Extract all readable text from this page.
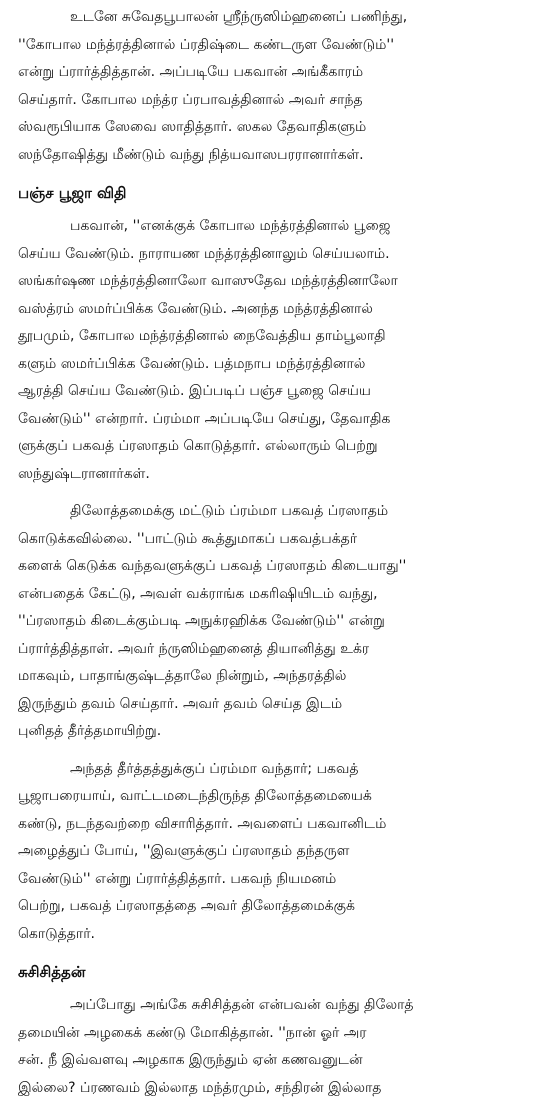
உடனே சுவேதபூபாலன் ஸ்ரீந்ருஸிம்ஹனைப் பணிந்து,
''கோபால மந்த்ரத்தினால் ப்ரதிஷ்டை கண்டருள வேண்டும்''
என்று ப்ரார்த்தித்தான். அப்படியே பகவான் அங்கீகாரம்
செய்தார். கோபால மந்த்ர ப்ரபாவத்தினால் அவர் சாந்த
ஸ்வரூபியாக ஸேவை ஸாதித்தார். ஸகல தேவாதிகளும்
ஸந்தோஷித்து மீண்டும் வந்து நித்யவாஸபரரானார்கள்.

பஞ்ச பூஜா விதி

பகவான், ''எனக்குக் கோபால மந்த்ரத்தினால் பூஜை
செய்ய வேண்டும். நாராயண மந்த்ரத்தினாலும் செய்யலாம்.
ஸங்கர்ஷண மந்த்ரத்தினாலோ வாஸுதேவ மந்த்ரத்தினாலோ
வஸ்த்ரம் ஸமர்ப்பிக்க வேண்டும். அனந்த மந்த்ரத்தினால்
தூபமும், கோபால மந்த்ரத்தினால் நைவேத்திய தாம்பூலாதி
களும் ஸமர்ப்பிக்க வேண்டும். பத்மநாப மந்த்ரத்தினால்
ஆரத்தி செய்ய வேண்டும். இப்படிப் பஞ்ச பூஜை செய்ய
வேண்டும்'' என்றார். ப்ரம்மா அப்படியே செய்து, தேவாதிக
ளுக்குப் பகவத் ப்ரஸாதம் கொடுத்தார். எல்லாரும் பெற்று
ஸந்துஷ்டரானார்கள்.

திலோத்தமைக்கு மட்டும் ப்ரம்மா பகவத் ப்ரஸாதம்
கொடுக்கவில்லை. ''பாட்டும் கூத்துமாகப் பகவத்பக்தர்
களைக் கெடுக்க வந்தவளுக்குப் பகவத் ப்ரஸாதம் கிடையாது''
என்பதைக் கேட்டு, அவள் வக்ராங்க மகரிஷியிடம் வந்து,
''ப்ரஸாதம் கிடைக்கும்படி அநுக்ரஹிக்க வேண்டும்'' என்று
ப்ரார்த்தித்தாள். அவர் ந்ருஸிம்ஹனைத் தியானித்து உக்ர
மாகவும், பாதாங்குஷ்டத்தாலே நின்றும், அந்தரத்தில்
இருந்தும் தவம் செய்தார். அவர் தவம் செய்த இடம்
புனிதத் தீர்த்தமாயிற்று.

அந்தத் தீர்த்தத்துக்குப் ப்ரம்மா வந்தார்; பகவத்
பூஜாபரையாய், வாட்டமடைந்திருந்த திலோத்தமையைக்
கண்டு, நடந்தவற்றை விசாரித்தார். அவளைப் பகவானிடம்
அழைத்துப் போய், ''இவளுக்குப் ப்ரஸாதம் தந்தருள
வேண்டும்'' என்று ப்ரார்த்தித்தார். பகவந் நியமனம்
பெற்று, பகவத் ப்ரஸாதத்தை அவர் திலோத்தமைக்குக்
கொடுத்தார்.

சுசிசித்தன்

அப்போது அங்கே சுசிசித்தன் என்பவன் வந்து திலோத்
தமையின் அழகைக் கண்டு மோகித்தான். ''நான் ஓர் அர
சன். நீ இவ்வளவு அழகாக இருந்தும் ஏன் கணவனுடன்
இல்லை? ப்ரணவம் இல்லாத மந்த்ரமும், சந்திரன் இல்லாத
